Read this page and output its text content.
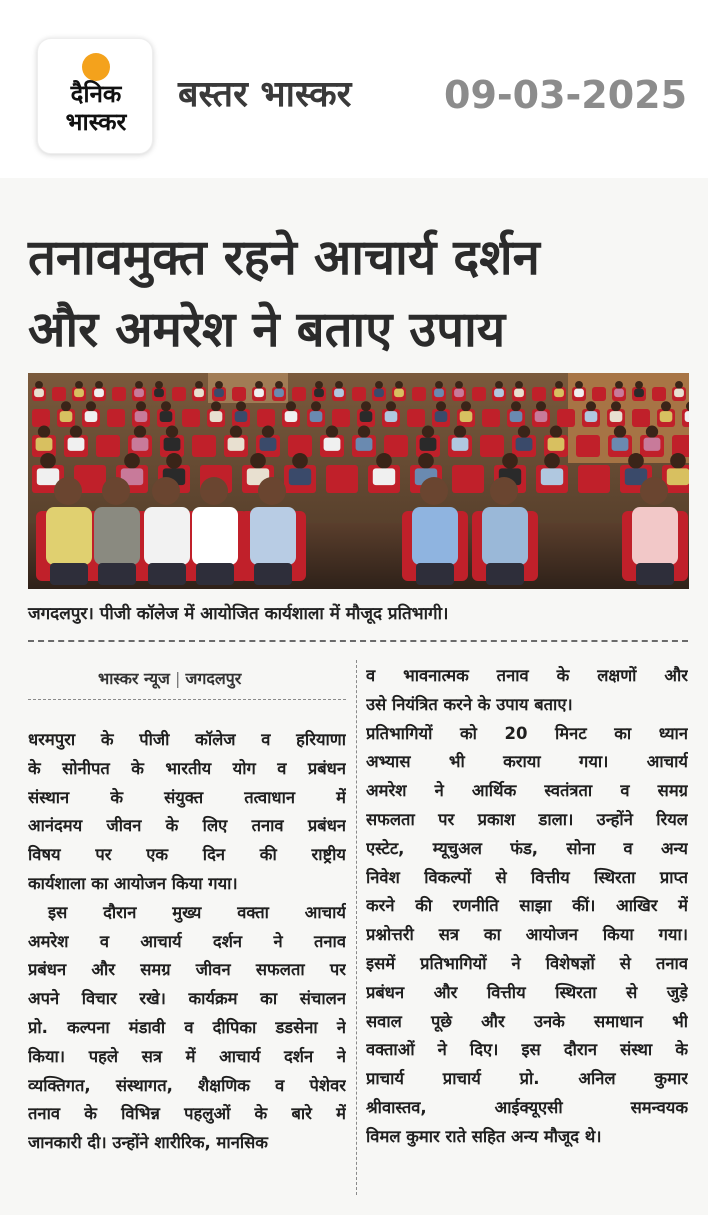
दैनिक
भास्कर
बस्तर भास्कर 09-03-2025
तनावमुक्त रहने आचार्य दर्शन
और अमरेश ने बताए उपाय
जगदलपुर। पीजी कॉलेज में आयोजित कार्यशाला में मौजूद प्रतिभागी।
भास्कर न्यूज | जगदलपुर
धरमपुरा के पीजी कॉलेज व हरियाणा
के सोनीपत के भारतीय योग व प्रबंधन
संस्थान के संयुक्त तत्वाधान में
आनंदमय जीवन के लिए तनाव प्रबंधन
विषय पर एक दिन की राष्ट्रीय
कार्यशाला का आयोजन किया गया।
इस दौरान मुख्य वक्ता आचार्य
अमरेश व आचार्य दर्शन ने तनाव
प्रबंधन और समग्र जीवन सफलता पर
अपने विचार रखे। कार्यक्रम का संचालन
प्रो. कल्पना मंडावी व दीपिका डडसेना ने
किया। पहले सत्र में आचार्य दर्शन ने
व्यक्तिगत, संस्थागत, शैक्षणिक व पेशेवर
तनाव के विभिन्न पहलुओं के बारे में
जानकारी दी। उन्होंने शारीरिक, मानसिक
व भावनात्मक तनाव के लक्षणों और
उसे नियंत्रित करने के उपाय बताए।
प्रतिभागियों को 20 मिनट का ध्यान
अभ्यास भी कराया गया। आचार्य
अमरेश ने आर्थिक स्वतंत्रता व समग्र
सफलता पर प्रकाश डाला। उन्होंने रियल
एस्टेट, म्यूचुअल फंड, सोना व अन्य
निवेश विकल्पों से वित्तीय स्थिरता प्राप्त
करने की रणनीति साझा कीं। आखिर में
प्रश्नोत्तरी सत्र का आयोजन किया गया।
इसमें प्रतिभागियों ने विशेषज्ञों से तनाव
प्रबंधन और वित्तीय स्थिरता से जुड़े
सवाल पूछे और उनके समाधान भी
वक्ताओं ने दिए। इस दौरान संस्था के
प्राचार्य प्राचार्य प्रो. अनिल कुमार
श्रीवास्तव, आईक्यूएसी समन्वयक
विमल कुमार राते सहित अन्य मौजूद थे।
